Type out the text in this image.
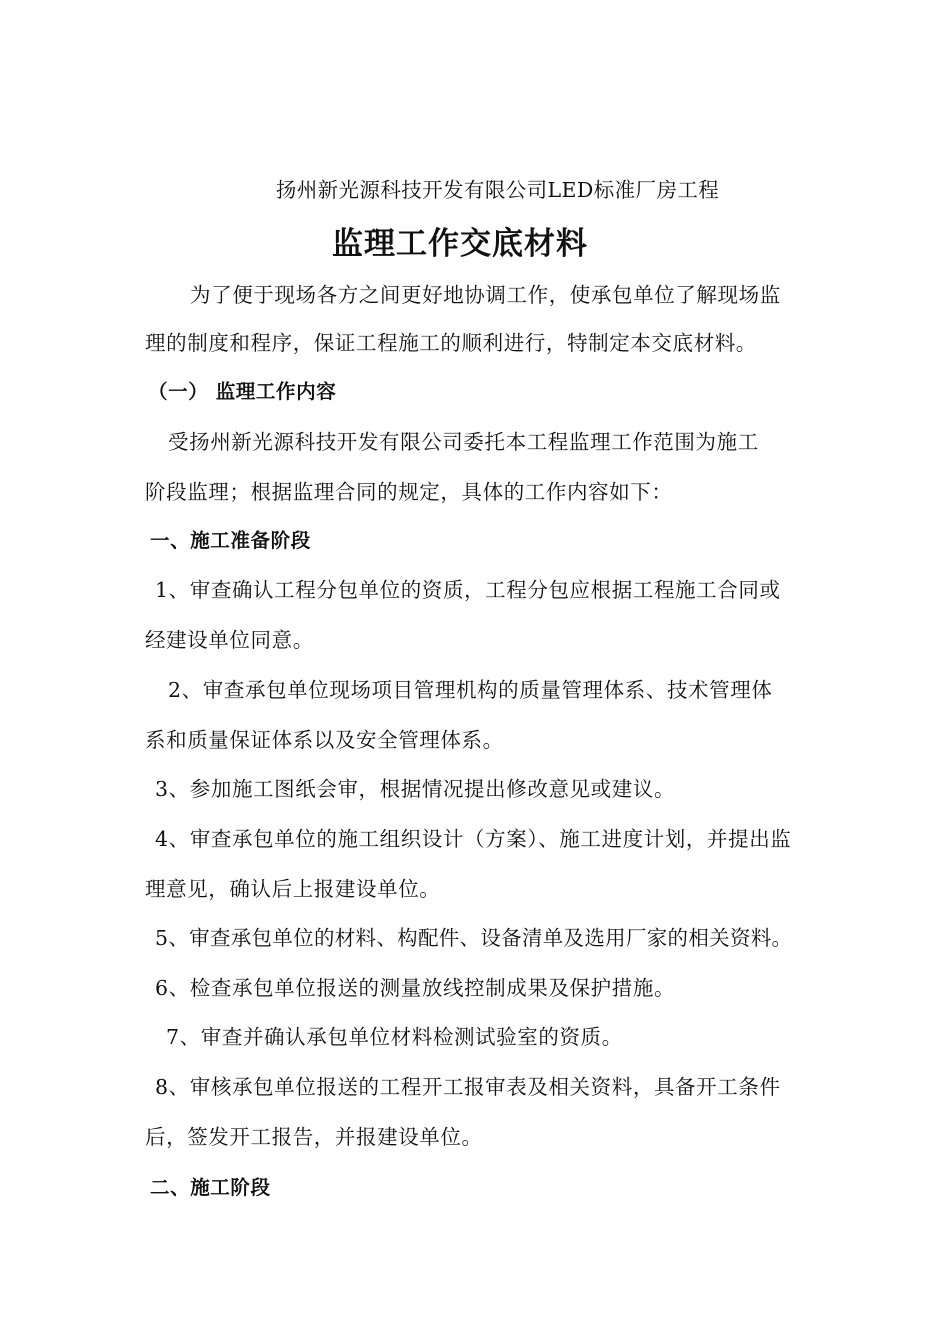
扬州新光源科技开发有限公司LED标准厂房工程
监理工作交底材料
为了便于现场各方之间更好地协调工作，使承包单位了解现场监
理的制度和程序，保证工程施工的顺利进行，特制定本交底材料。
（一） 监理工作内容
受扬州新光源科技开发有限公司委托本工程监理工作范围为施工
阶段监理；根据监理合同的规定，具体的工作内容如下：
一、施工准备阶段
1、审查确认工程分包单位的资质，工程分包应根据工程施工合同或
经建设单位同意。
2、审查承包单位现场项目管理机构的质量管理体系、技术管理体
系和质量保证体系以及安全管理体系。
3、参加施工图纸会审，根据情况提出修改意见或建议。
4、审查承包单位的施工组织设计（方案）、施工进度计划，并提出监
理意见，确认后上报建设单位。
5、审查承包单位的材料、构配件、设备清单及选用厂家的相关资料。
6、检查承包单位报送的测量放线控制成果及保护措施。
7、审查并确认承包单位材料检测试验室的资质。
8、审核承包单位报送的工程开工报审表及相关资料，具备开工条件
后，签发开工报告，并报建设单位。
二、施工阶段
